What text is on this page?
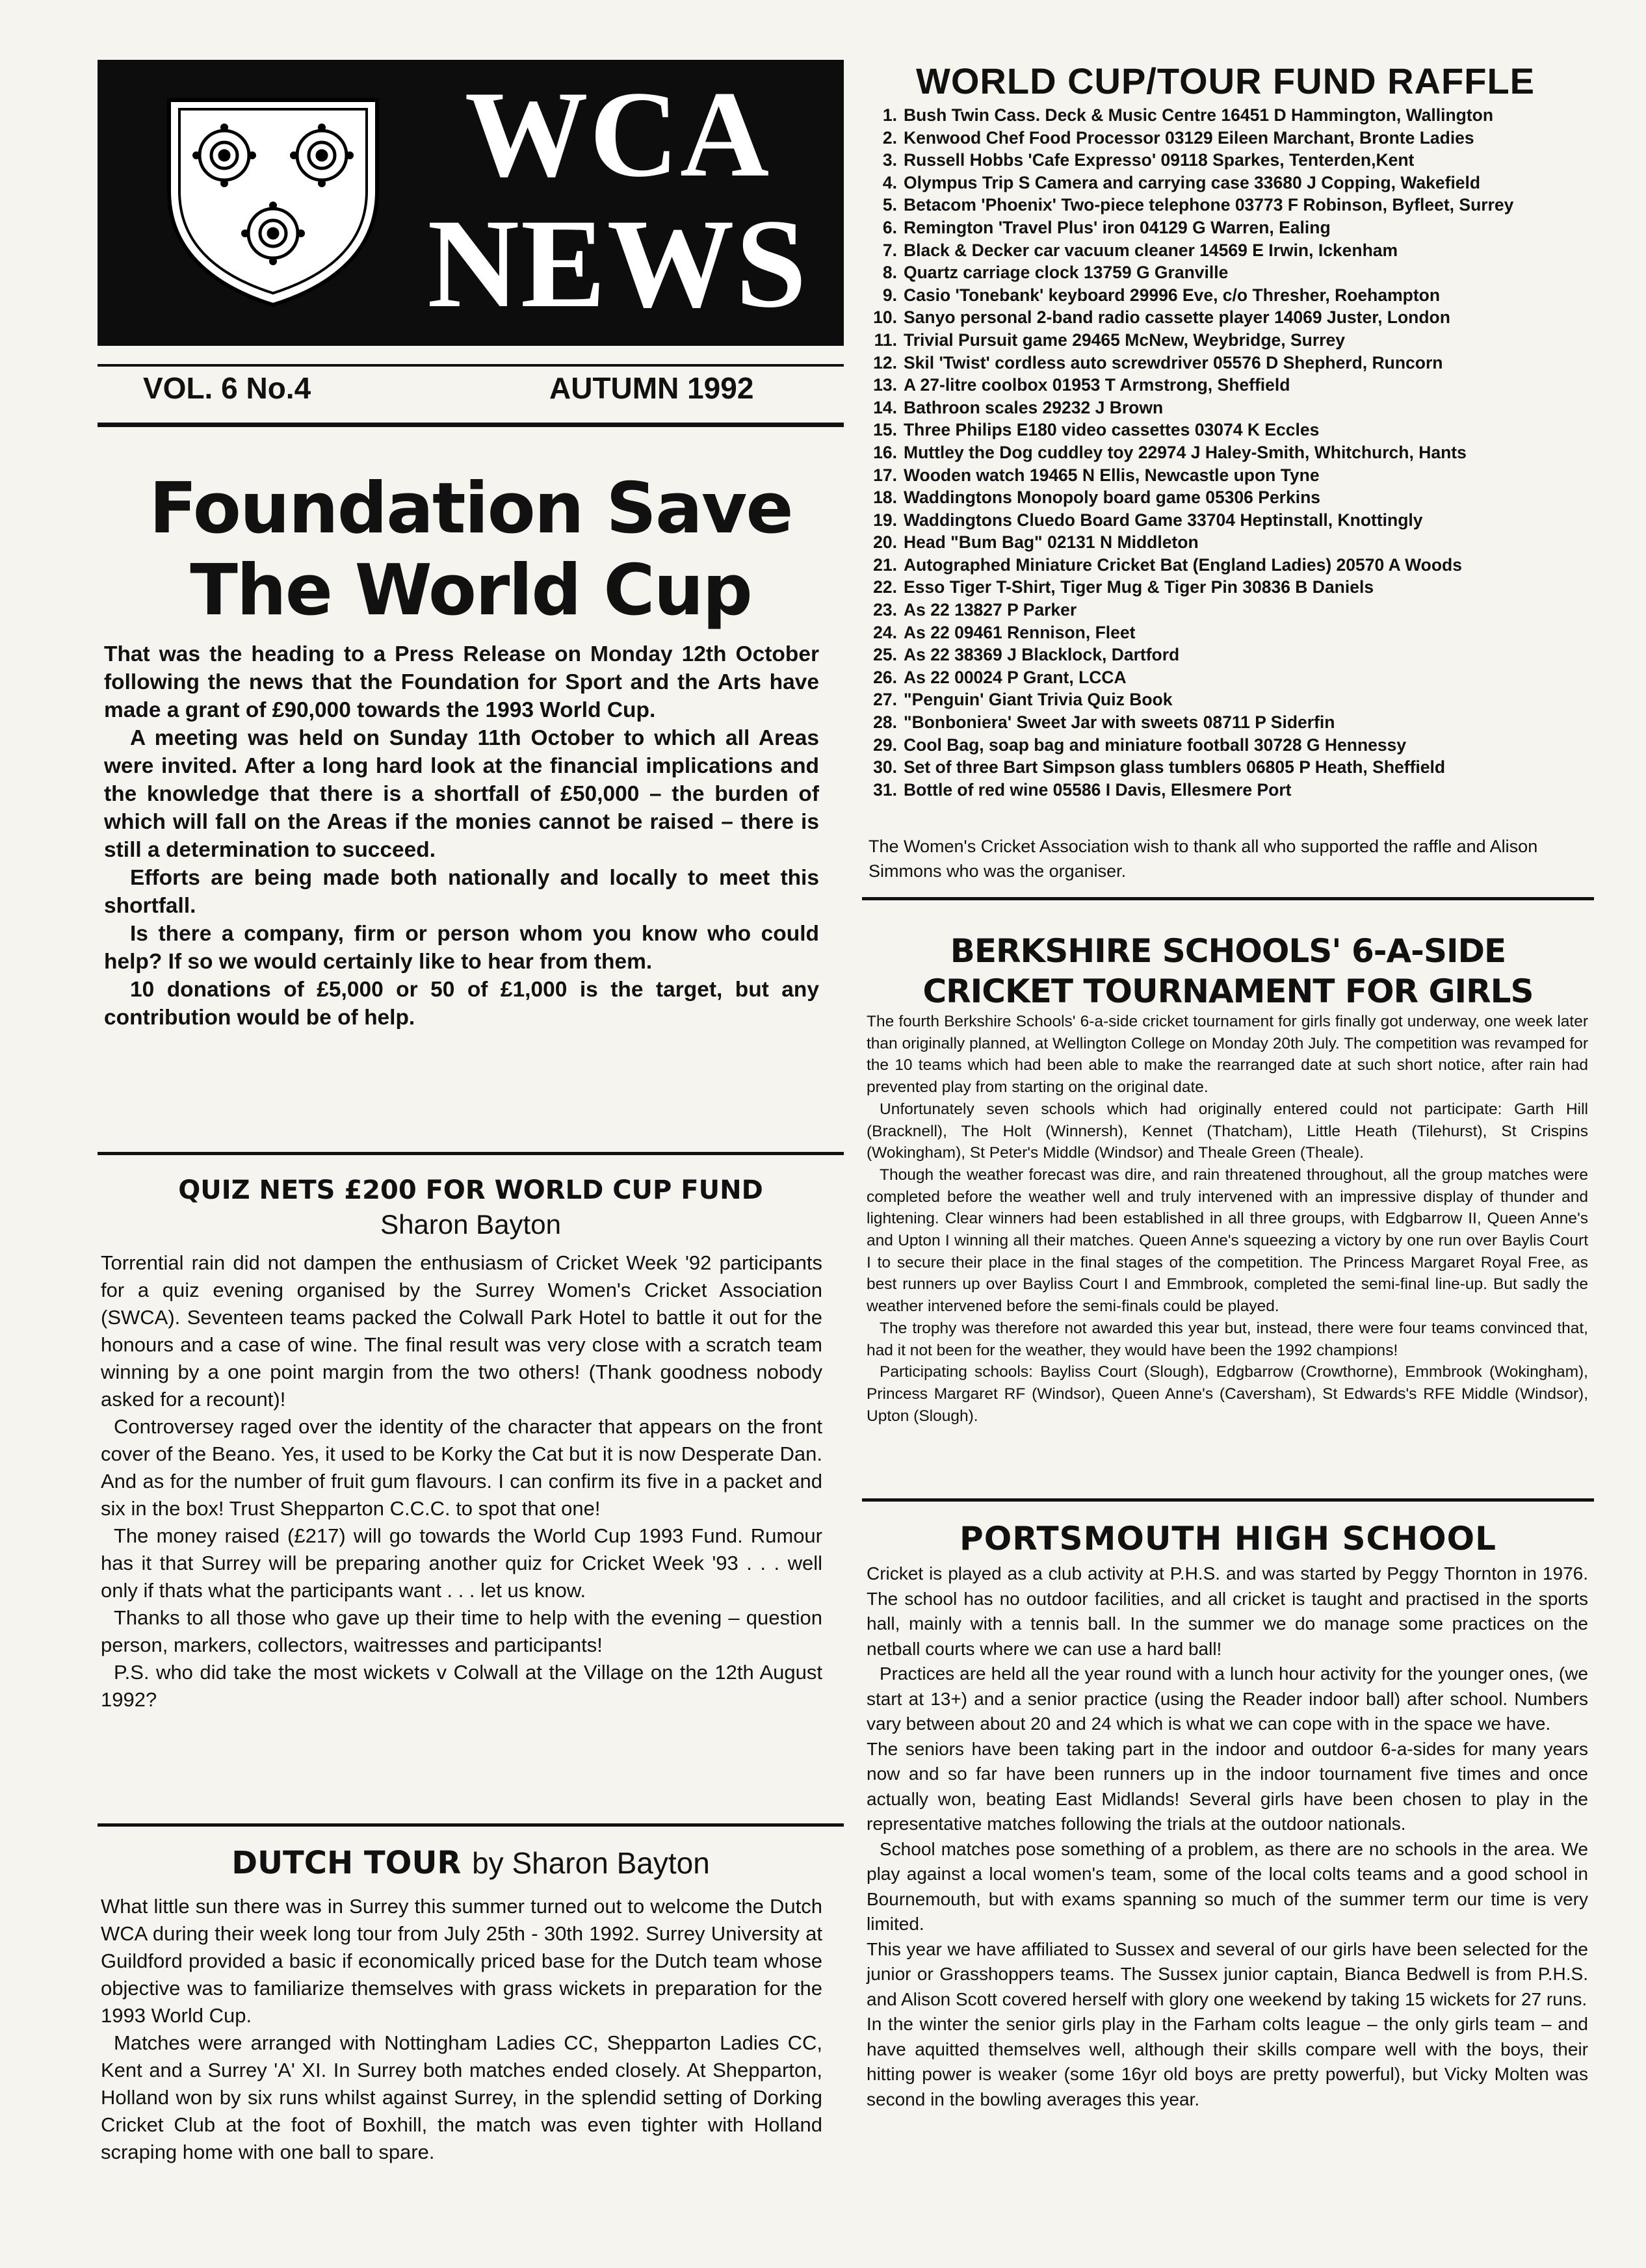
WCA
NEWS
VOL. 6 No.4	AUTUMN 1992
Foundation Save
The World Cup

That was the heading to a Press Release on Monday 12th October following the news that the Foundation for Sport and the Arts have made a grant of £90,000 towards the 1993 World Cup.

A meeting was held on Sunday 11th October to which all Areas were invited. After a long hard look at the financial implications and the knowledge that there is a shortfall of £50,000 – the burden of which will fall on the Areas if the monies cannot be raised – there is still a determination to succeed.

Efforts are being made both nationally and locally to meet this shortfall.

Is there a company, firm or person whom you know who could help? If so we would certainly like to hear from them.

10 donations of £5,000 or 50 of £1,000 is the target, but any contribution would be of help.

QUIZ NETS £200 FOR WORLD CUP FUND
Sharon Bayton

Torrential rain did not dampen the enthusiasm of Cricket Week '92 participants for a quiz evening organised by the Surrey Women's Cricket Association (SWCA). Seventeen teams packed the Colwall Park Hotel to battle it out for the honours and a case of wine. The final result was very close with a scratch team winning by a one point margin from the two others! (Thank goodness nobody asked for a recount)!

Controversey raged over the identity of the character that appears on the front cover of the Beano. Yes, it used to be Korky the Cat but it is now Desperate Dan. And as for the number of fruit gum flavours. I can confirm its five in a packet and six in the box! Trust Shepparton C.C.C. to spot that one!

The money raised (£217) will go towards the World Cup 1993 Fund. Rumour has it that Surrey will be preparing another quiz for Cricket Week '93 . . . well only if thats what the participants want . . . let us know.

Thanks to all those who gave up their time to help with the evening – question person, markers, collectors, waitresses and participants!

P.S. who did take the most wickets v Colwall at the Village on the 12th August 1992?

DUTCH TOUR by Sharon Bayton

What little sun there was in Surrey this summer turned out to welcome the Dutch WCA during their week long tour from July 25th - 30th 1992. Surrey University at Guildford provided a basic if economically priced base for the Dutch team whose objective was to familiarize themselves with grass wickets in preparation for the 1993 World Cup.

Matches were arranged with Nottingham Ladies CC, Shepparton Ladies CC, Kent and a Surrey 'A' XI. In Surrey both matches ended closely. At Shepparton, Holland won by six runs whilst against Surrey, in the splendid setting of Dorking Cricket Club at the foot of Boxhill, the match was even tighter with Holland scraping home with one ball to spare.

WORLD CUP/TOUR FUND RAFFLE
1. Bush Twin Cass. Deck & Music Centre 16451 D Hammington, Wallington
2. Kenwood Chef Food Processor 03129 Eileen Marchant, Bronte Ladies
3. Russell Hobbs 'Cafe Expresso' 09118 Sparkes, Tenterden,Kent
4. Olympus Trip S Camera and carrying case 33680 J Copping, Wakefield
5. Betacom 'Phoenix' Two-piece telephone 03773 F Robinson, Byfleet, Surrey
6. Remington 'Travel Plus' iron 04129 G Warren, Ealing
7. Black & Decker car vacuum cleaner 14569 E Irwin, Ickenham
8. Quartz carriage clock 13759 G Granville
9. Casio 'Tonebank' keyboard 29996 Eve, c/o Thresher, Roehampton
10. Sanyo personal 2-band radio cassette player 14069 Juster, London
11. Trivial Pursuit game 29465 McNew, Weybridge, Surrey
12. Skil 'Twist' cordless auto screwdriver 05576 D Shepherd, Runcorn
13. A 27-litre coolbox 01953 T Armstrong, Sheffield
14. Bathroon scales 29232 J Brown
15. Three Philips E180 video cassettes 03074 K Eccles
16. Muttley the Dog cuddley toy 22974 J Haley-Smith, Whitchurch, Hants
17. Wooden watch 19465 N Ellis, Newcastle upon Tyne
18. Waddingtons Monopoly board game 05306 Perkins
19. Waddingtons Cluedo Board Game 33704 Heptinstall, Knottingly
20. Head "Bum Bag" 02131 N Middleton
21. Autographed Miniature Cricket Bat (England Ladies) 20570 A Woods
22. Esso Tiger T-Shirt, Tiger Mug & Tiger Pin 30836 B Daniels
23. As 22 13827 P Parker
24. As 22 09461 Rennison, Fleet
25. As 22 38369 J Blacklock, Dartford
26. As 22 00024 P Grant, LCCA
27. "Penguin' Giant Trivia Quiz Book
28. "Bonboniera' Sweet Jar with sweets 08711 P Siderfin
29. Cool Bag, soap bag and miniature football 30728 G Hennessy
30. Set of three Bart Simpson glass tumblers 06805 P Heath, Sheffield
31. Bottle of red wine 05586 I Davis, Ellesmere Port
The Women's Cricket Association wish to thank all who supported the raffle and Alison Simmons who was the organiser.
BERKSHIRE SCHOOLS' 6-A-SIDE
CRICKET TOURNAMENT FOR GIRLS

The fourth Berkshire Schools' 6-a-side cricket tournament for girls finally got underway, one week later than originally planned, at Wellington College on Monday 20th July. The competition was revamped for the 10 teams which had been able to make the rearranged date at such short notice, after rain had prevented play from starting on the original date.

Unfortunately seven schools which had originally entered could not participate: Garth Hill (Bracknell), The Holt (Winnersh), Kennet (Thatcham), Little Heath (Tilehurst), St Crispins (Wokingham), St Peter's Middle (Windsor) and Theale Green (Theale).

Though the weather forecast was dire, and rain threatened throughout, all the group matches were completed before the weather well and truly intervened with an impressive display of thunder and lightening. Clear winners had been established in all three groups, with Edgbarrow II, Queen Anne's and Upton I winning all their matches. Queen Anne's squeezing a victory by one run over Baylis Court I to secure their place in the final stages of the competition. The Princess Margaret Royal Free, as best runners up over Bayliss Court I and Emmbrook, completed the semi-final line-up. But sadly the weather intervened before the semi-finals could be played.

The trophy was therefore not awarded this year but, instead, there were four teams convinced that, had it not been for the weather, they would have been the 1992 champions!

Participating schools: Bayliss Court (Slough), Edgbarrow (Crowthorne), Emmbrook (Wokingham), Princess Margaret RF (Windsor), Queen Anne's (Caversham), St Edwards's RFE Middle (Windsor), Upton (Slough).

PORTSMOUTH HIGH SCHOOL

Cricket is played as a club activity at P.H.S. and was started by Peggy Thornton in 1976. The school has no outdoor facilities, and all cricket is taught and practised in the sports hall, mainly with a tennis ball. In the summer we do manage some practices on the netball courts where we can use a hard ball!

Practices are held all the year round with a lunch hour activity for the younger ones, (we start at 13+) and a senior practice (using the Reader indoor ball) after school. Numbers vary between about 20 and 24 which is what we can cope with in the space we have.

The seniors have been taking part in the indoor and outdoor 6-a-sides for many years now and so far have been runners up in the indoor tournament five times and once actually won, beating East Midlands! Several girls have been chosen to play in the representative matches following the trials at the outdoor nationals.

School matches pose something of a problem, as there are no schools in the area. We play against a local women's team, some of the local colts teams and a good school in Bournemouth, but with exams spanning so much of the summer term our time is very limited.

This year we have affiliated to Sussex and several of our girls have been selected for the junior or Grasshoppers teams. The Sussex junior captain, Bianca Bedwell is from P.H.S. and Alison Scott covered herself with glory one weekend by taking 15 wickets for 27 runs.

In the winter the senior girls play in the Farham colts league – the only girls team – and have aquitted themselves well, although their skills compare well with the boys, their hitting power is weaker (some 16yr old boys are pretty powerful), but Vicky Molten was second in the bowling averages this year.
